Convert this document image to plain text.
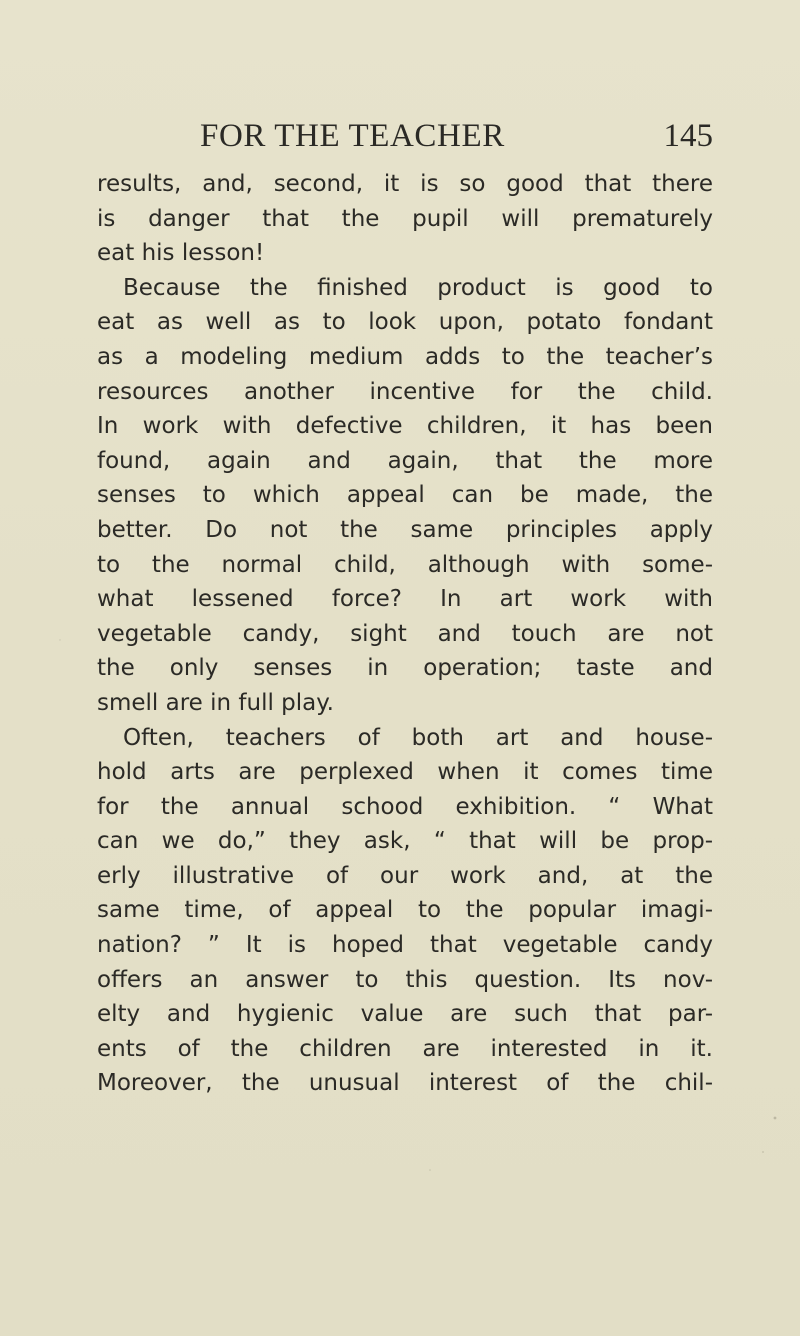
FOR THE TEACHER	145
results, and, second, it is so good that there
is danger that the pupil will prematurely
eat his lesson!
Because the finished product is good to
eat as well as to look upon, potato fondant
as a modeling medium adds to the teacher’s
resources another incentive for the child.
In work with defective children, it has been
found, again and again, that the more
senses to which appeal can be made, the
better. Do not the same principles apply
to the normal child, although with some-
what lessened force? In art work with
vegetable candy, sight and touch are not
the only senses in operation; taste and
smell are in full play.
Often, teachers of both art and house-
hold arts are perplexed when it comes time
for the annual schood exhibition. “ What
can we do,” they ask, “ that will be prop-
erly illustrative of our work and, at the
same time, of appeal to the popular imagi-
nation? ” It is hoped that vegetable candy
offers an answer to this question. Its nov-
elty and hygienic value are such that par-
ents of the children are interested in it.
Moreover, the unusual interest of the chil-
